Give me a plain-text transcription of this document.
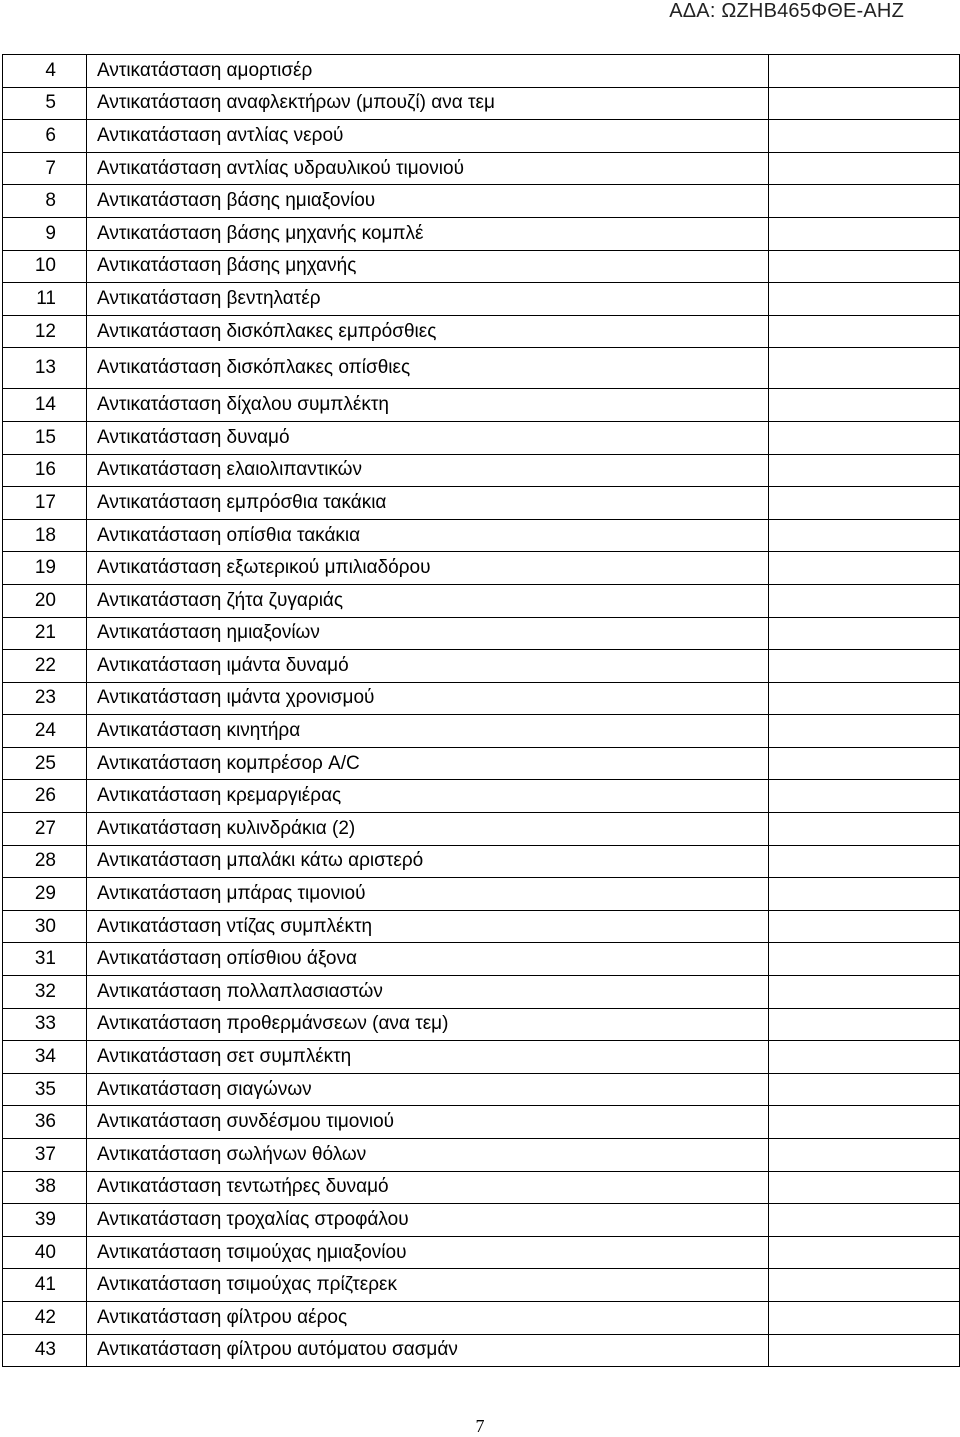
ΑΔΑ: ΩΖΗΒ465ΦΘΕ-ΑΗΖ
4	Αντικατάσταση αμορτισέρ	
5	Αντικατάσταση αναφλεκτήρων (μπουζί) ανα τεμ	
6	Αντικατάσταση αντλίας νερού	
7	Αντικατάσταση αντλίας υδραυλικού τιμονιού	
8	Αντικατάσταση βάσης ημιαξονίου	
9	Αντικατάσταση βάσης μηχανής κομπλέ	
10	Αντικατάσταση βάσης μηχανής	
11	Αντικατάσταση βεντηλατέρ	
12	Αντικατάσταση δισκόπλακες εμπρόσθιες	
13	Αντικατάσταση δισκόπλακες οπίσθιες	
14	Αντικατάσταση δίχαλου συμπλέκτη	
15	Αντικατάσταση δυναμό	
16	Αντικατάσταση ελαιολιπαντικών	
17	Αντικατάσταση εμπρόσθια τακάκια	
18	Αντικατάσταση οπίσθια τακάκια	
19	Αντικατάσταση εξωτερικού μπιλιαδόρου	
20	Αντικατάσταση ζήτα ζυγαριάς	
21	Αντικατάσταση ημιαξονίων	
22	Αντικατάσταση ιμάντα δυναμό	
23	Αντικατάσταση ιμάντα χρονισμού	
24	Αντικατάσταση κινητήρα	
25	Αντικατάσταση κομπρέσορ A/C	
26	Αντικατάσταση κρεμαργιέρας	
27	Αντικατάσταση κυλινδράκια (2)	
28	Αντικατάσταση μπαλάκι κάτω αριστερό	
29	Αντικατάσταση μπάρας τιμονιού	
30	Αντικατάσταση ντίζας συμπλέκτη	
31	Αντικατάσταση οπίσθιου άξονα	
32	Αντικατάσταση πολλαπλασιαστών	
33	Αντικατάσταση προθερμάνσεων (ανα τεμ)	
34	Αντικατάσταση σετ συμπλέκτη	
35	Αντικατάσταση σιαγώνων	
36	Αντικατάσταση συνδέσμου τιμονιού	
37	Αντικατάσταση σωλήνων θόλων	
38	Αντικατάσταση τεντωτήρες δυναμό	
39	Αντικατάσταση τροχαλίας στροφάλου	
40	Αντικατάσταση τσιμούχας ημιαξονίου	
41	Αντικατάσταση τσιμούχας πρίζτερεκ	
42	Αντικατάσταση φίλτρου αέρος	
43	Αντικατάσταση φίλτρου αυτόματου σασμάν	
7
